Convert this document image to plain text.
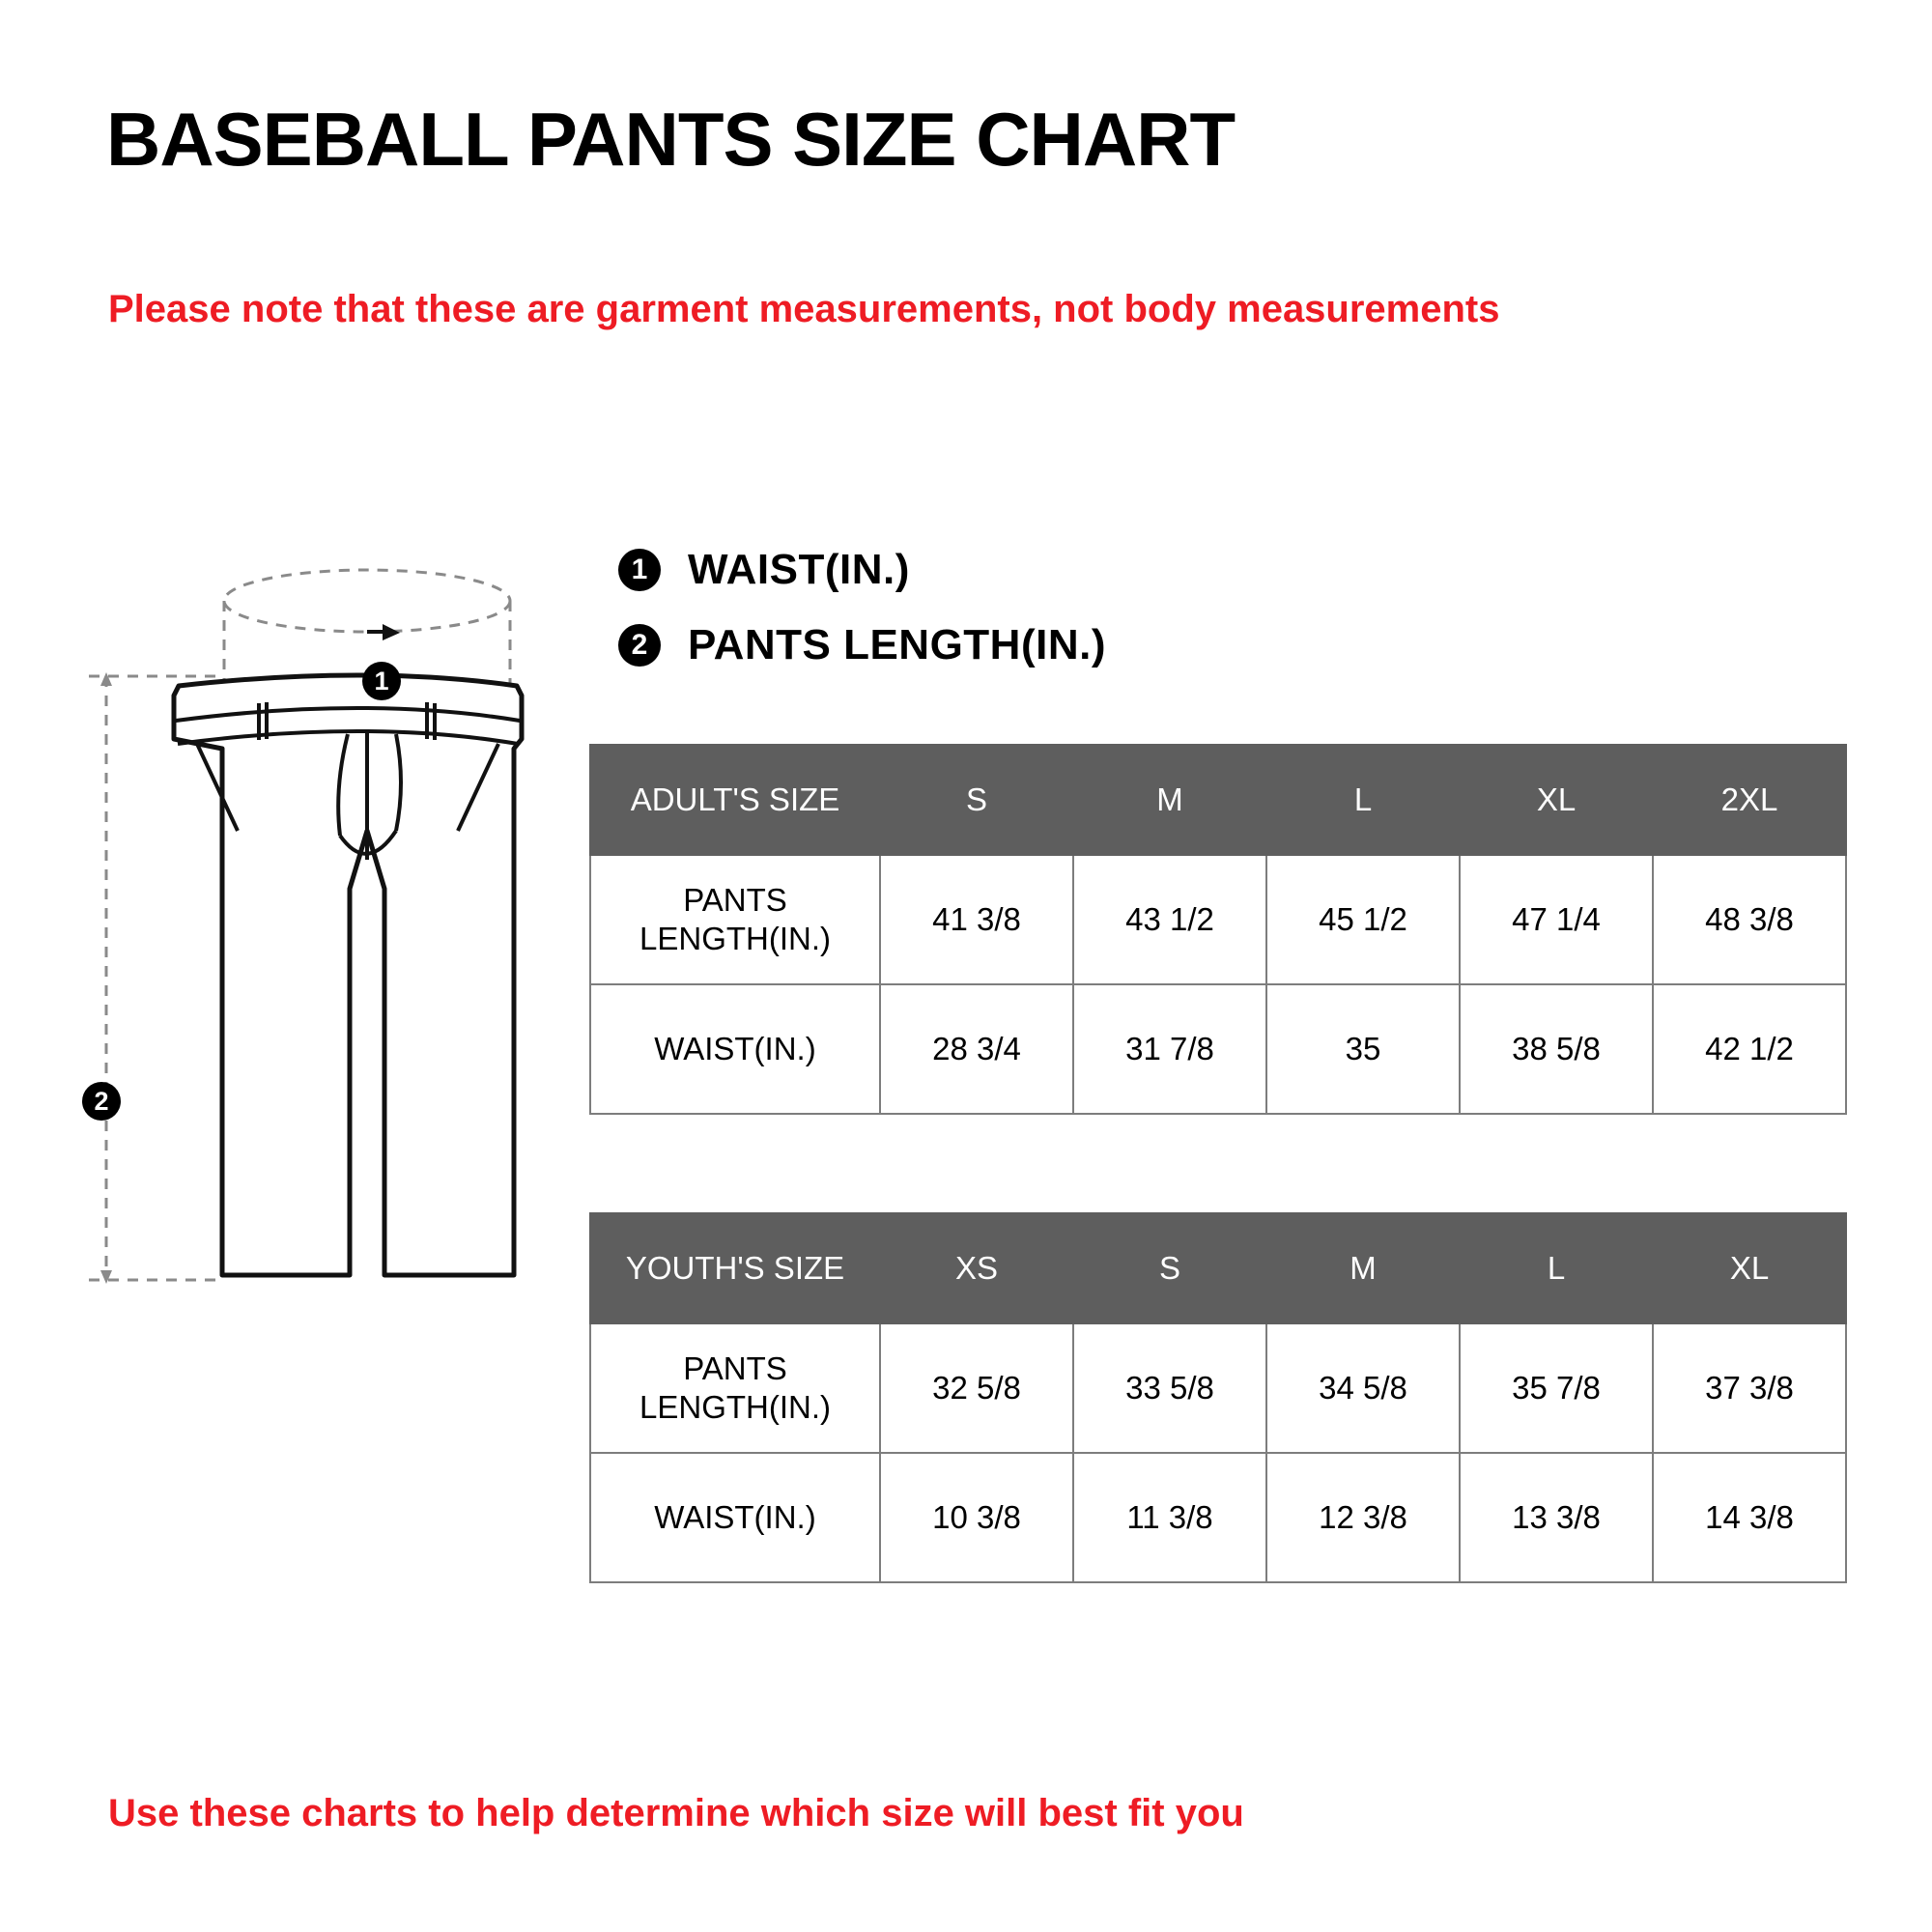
BASEBALL PANTS SIZE CHART
Please note that these are garment measurements, not body measurements
1 WAIST(IN.)
2 PANTS LENGTH(IN.)
1
2
ADULT'S SIZE	S	M	L	XL	2XL
PANTS LENGTH(IN.)	41 3/8	43 1/2	45 1/2	47 1/4	48 3/8
WAIST(IN.)	28 3/4	31 7/8	35	38 5/8	42 1/2
YOUTH'S SIZE	XS	S	M	L	XL
PANTS LENGTH(IN.)	32 5/8	33 5/8	34 5/8	35 7/8	37 3/8
WAIST(IN.)	10 3/8	11 3/8	12 3/8	13 3/8	14 3/8
Use these charts to help determine which size will best fit you
